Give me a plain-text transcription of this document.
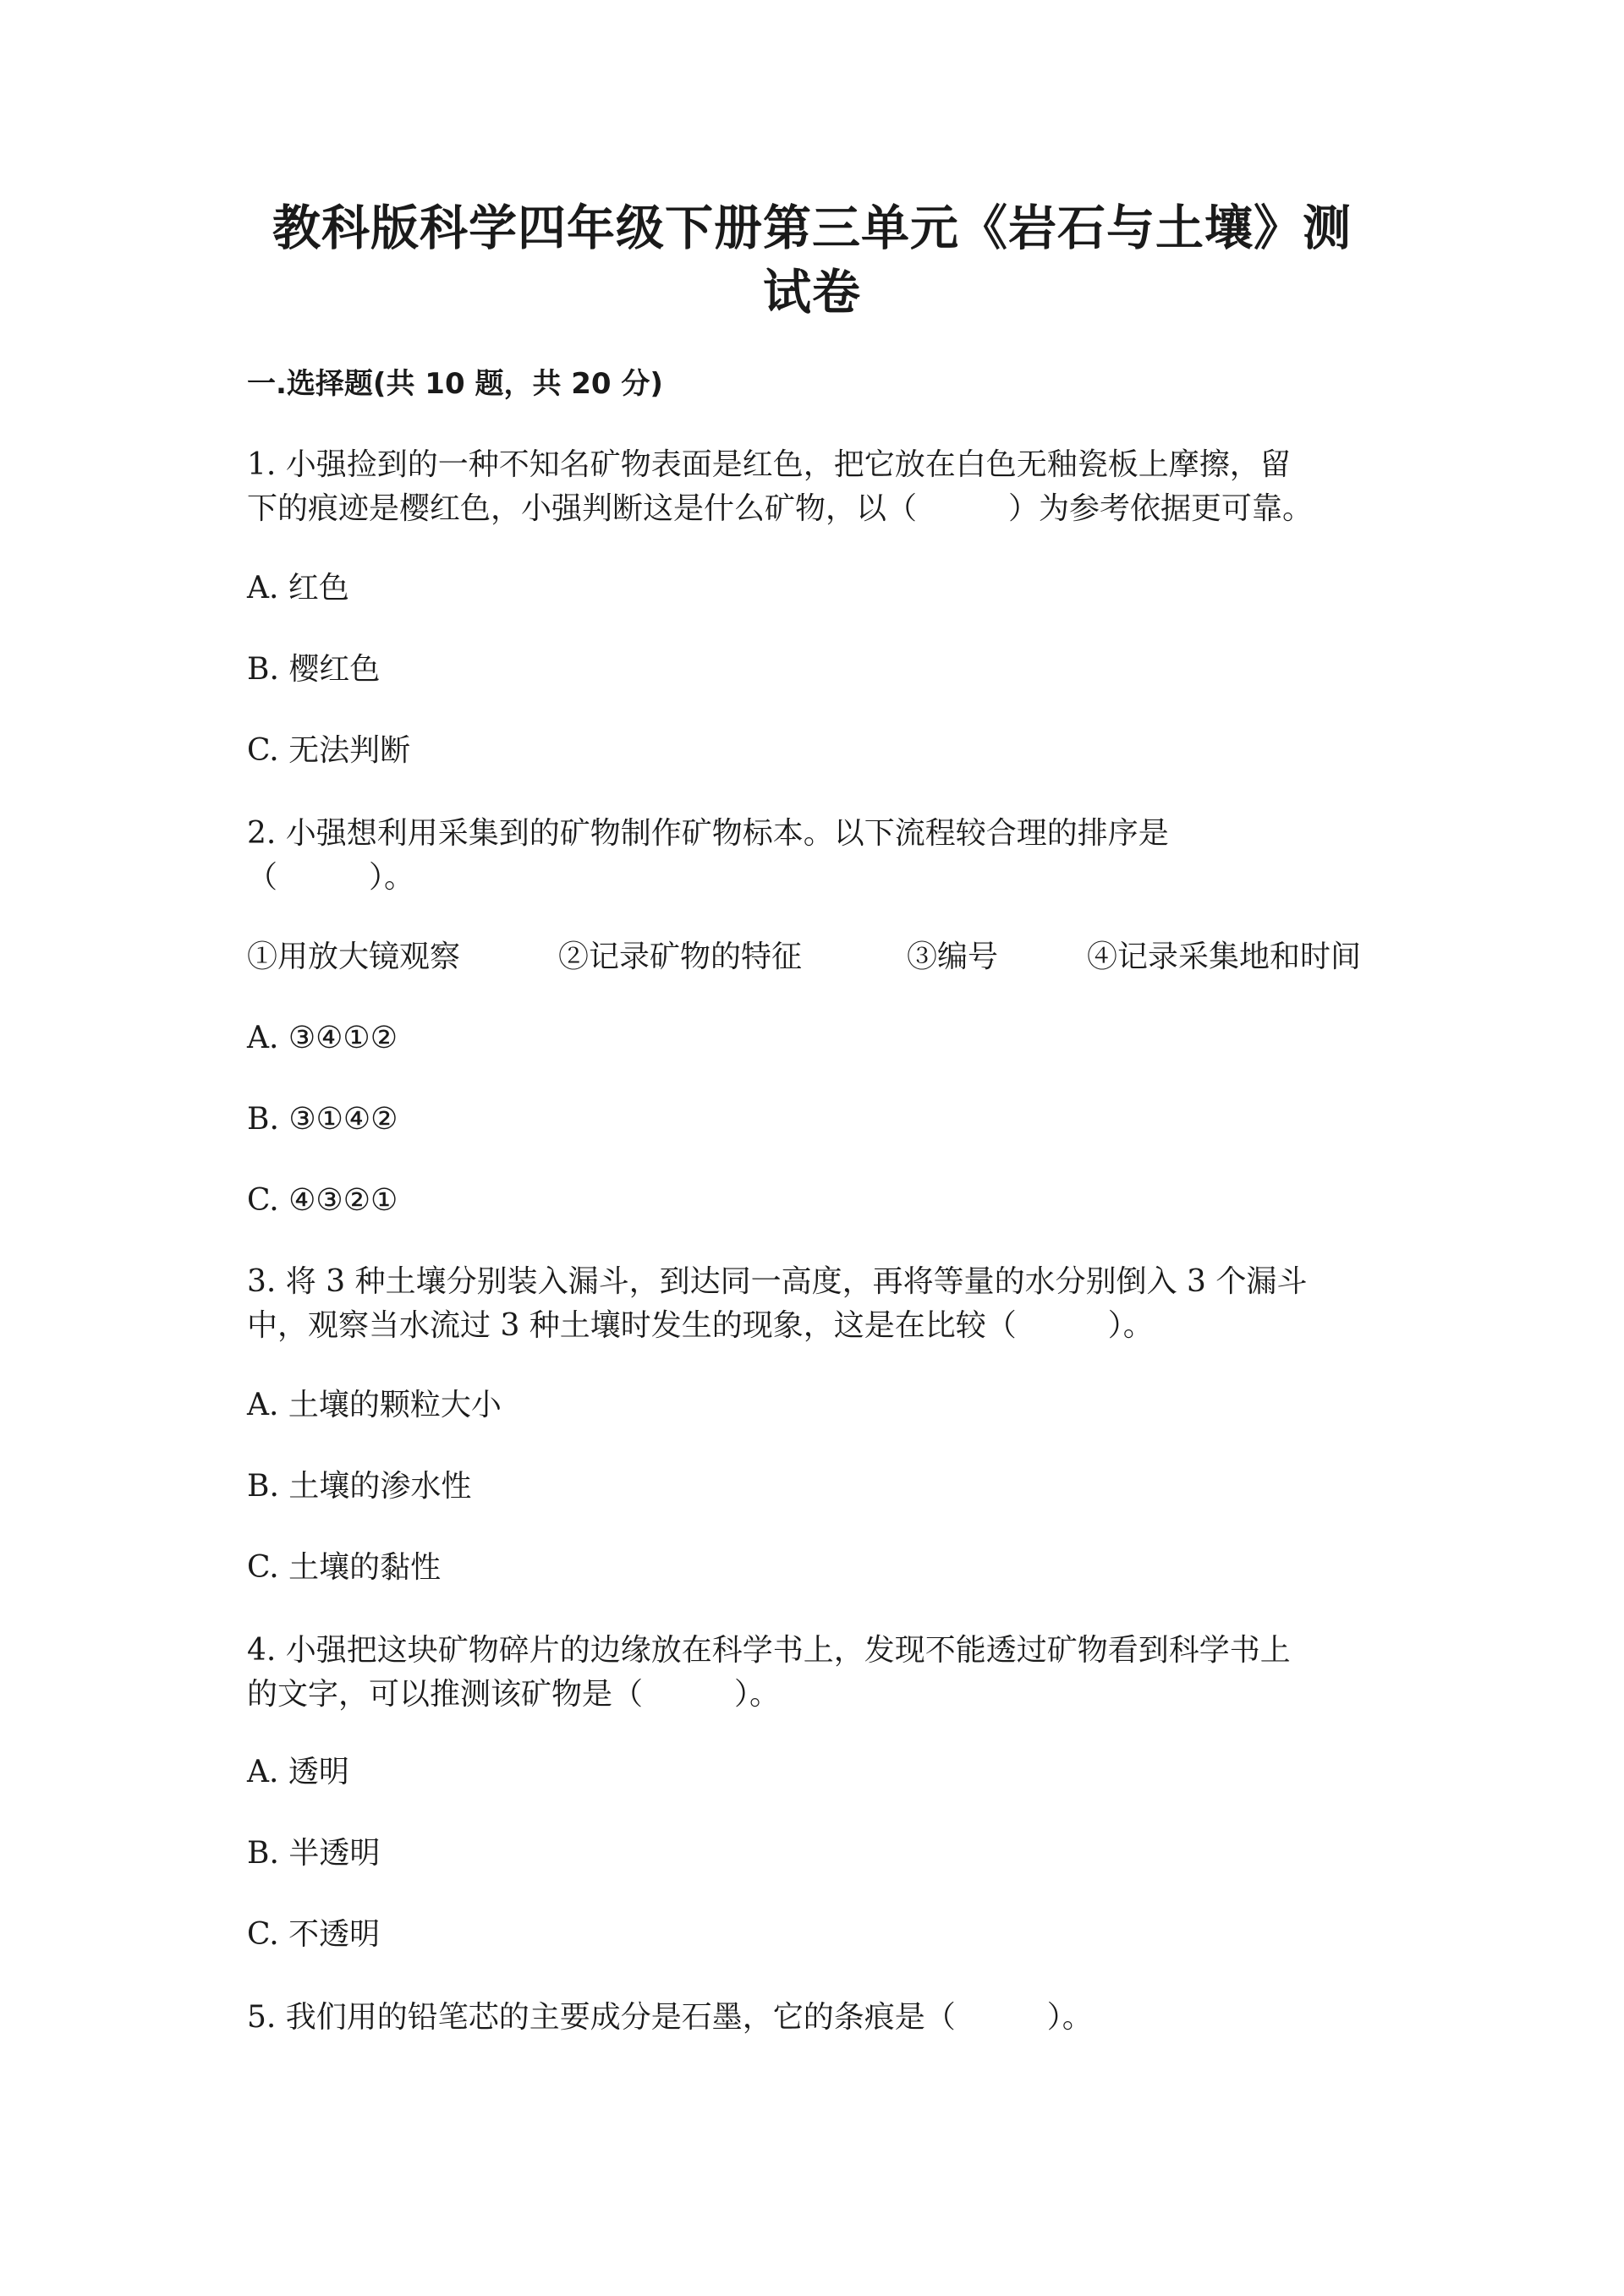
教科版科学四年级下册第三单元《岩石与土壤》测
试卷
一.选择题(共 10 题，共 20 分)
1. 小强捡到的一种不知名矿物表面是红色，把它放在白色无釉瓷板上摩擦，留
下的痕迹是樱红色，小强判断这是什么矿物，以（　　　）为参考依据更可靠。
A. 红色
B. 樱红色
C. 无法判断
2. 小强想利用采集到的矿物制作矿物标本。以下流程较合理的排序是
（　　　）。
①用放大镜观察	②记录矿物的特征	③编号	④记录采集地和时间
A. ③④①②
B. ③①④②
C. ④③②①
3. 将 3 种土壤分别装入漏斗，到达同一高度，再将等量的水分别倒入 3 个漏斗
中，观察当水流过 3 种土壤时发生的现象，这是在比较（　　　）。
A. 土壤的颗粒大小
B. 土壤的渗水性
C. 土壤的黏性
4. 小强把这块矿物碎片的边缘放在科学书上，发现不能透过矿物看到科学书上
的文字，可以推测该矿物是（　　　）。
A. 透明
B. 半透明
C. 不透明
5. 我们用的铅笔芯的主要成分是石墨，它的条痕是（　　　）。
